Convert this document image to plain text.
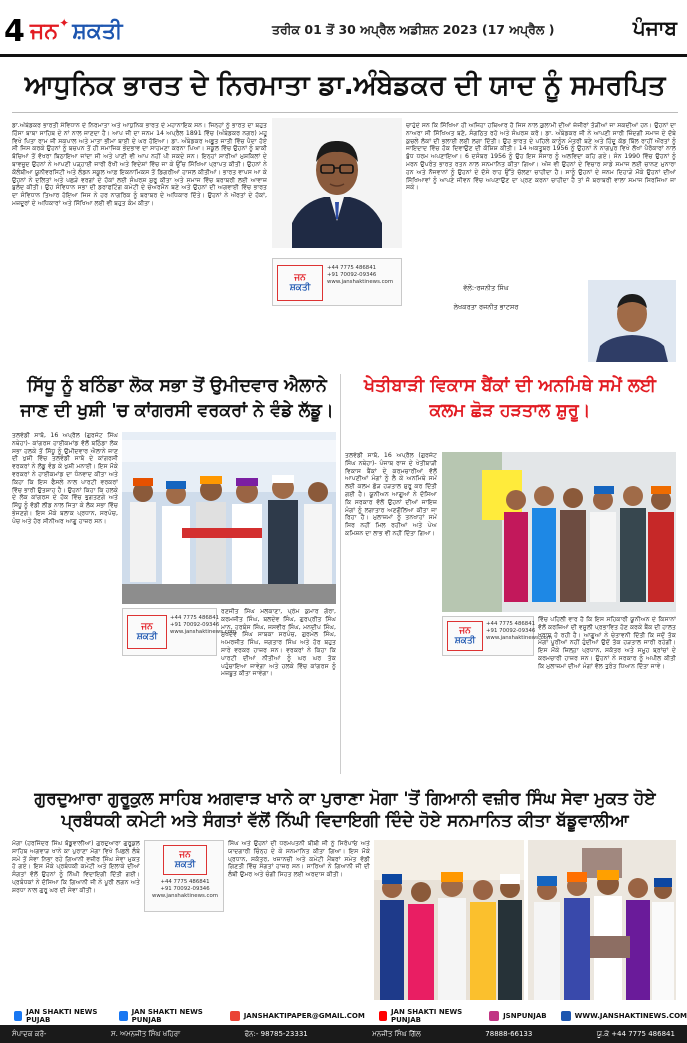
4 ਜਨ ✦ ਸ਼ਕਤੀ	ਤਰੀਕ 01 ਤੋਂ 30 ਅਪ੍ਰੈਲ ਅਡੀਸ਼ਨ 2023 (17 ਅਪ੍ਰੈਲ )	ਪੰਜਾਬ
ਆਧੁਨਿਕ ਭਾਰਤ ਦੇ ਨਿਰਮਾਤਾ ਡਾ.ਅੰਬੇਡਕਰ ਦੀ ਯਾਦ ਨੂੰ ਸਮਰਪਿਤ

ਡਾ.ਅੰਬੇਡਕਰ ਭਾਰਤੀ ਸੰਵਿਧਾਨ ਦੇ ਨਿਰਮਾਤਾ ਅਤੇ ਆਧੁਨਿਕ ਭਾਰਤ ਦੇ ਮਹਾਨਾਇਕ ਸਨ। ਜਿਨ੍ਹਾਂ ਨੂੰ ਭਾਰਤ ਦਾ ਬਹੁਤ ਹਿੱਸਾ ਬਾਬਾ ਸਾਹਿਬ ਦੇ ਨਾਂ ਨਾਲ ਜਾਣਦਾ ਹੈ। ਆਪ ਜੀ ਦਾ ਜਨਮ 14 ਅਪ੍ਰੈਲ 1891 ਵਿੱਚ (ਅੰਬੇਡਕਰ ਨਗਰ) ਮਹੂ ਵਿਖੇ ਪਿਤਾ ਰਾਮ ਜੀ ਸਕਪਾਲ ਅਤੇ ਮਾਤਾ ਭੀਮਾ ਬਾਈ ਦੇ ਘਰ ਹੋਇਆ। ਡਾ. ਅੰਬੇਡਕਰ ਅਛੂਤ ਜਾਤੀ ਵਿੱਚ ਪੈਦਾ ਹੋਏ ਸੀ ਜਿਸ ਕਰਕੇ ਉਹਨਾਂ ਨੂੰ ਬਚਪਨ ਤੋਂ ਹੀ ਸਮਾਜਿਕ ਭੇਦਭਾਵ ਦਾ ਸਾਹਮਣਾ ਕਰਨਾ ਪਿਆ। ਸਕੂਲ ਵਿੱਚ ਉਹਨਾਂ ਨੂੰ ਬਾਕੀ ਬੱਚਿਆਂ ਤੋਂ ਵੱਖਰਾ ਬਿਠਾਇਆ ਜਾਂਦਾ ਸੀ ਅਤੇ ਪਾਣੀ ਵੀ ਆਪ ਨਹੀਂ ਪੀ ਸਕਦੇ ਸਨ। ਇਨ੍ਹਾਂ ਸਾਰੀਆਂ ਮੁਸ਼ਕਿਲਾਂ ਦੇ ਬਾਵਜੂਦ ਉਹਨਾਂ ਨੇ ਆਪਣੀ ਪੜ੍ਹਾਈ ਜਾਰੀ ਰੱਖੀ ਅਤੇ ਵਿਦੇਸ਼ਾਂ ਵਿੱਚ ਜਾ ਕੇ ਉੱਚ ਸਿੱਖਿਆ ਪ੍ਰਾਪਤ ਕੀਤੀ। ਉਹਨਾਂ ਨੇ ਕੋਲੰਬੀਆ ਯੂਨੀਵਰਸਿਟੀ ਅਤੇ ਲੰਡਨ ਸਕੂਲ ਆਫ਼ ਇਕਨਾਮਿਕਸ ਤੋਂ ਡਿਗਰੀਆਂ ਹਾਸਲ ਕੀਤੀਆਂ। ਭਾਰਤ ਵਾਪਸ ਆ ਕੇ ਉਹਨਾਂ ਨੇ ਦਲਿਤਾਂ ਅਤੇ ਪਛੜੇ ਵਰਗਾਂ ਦੇ ਹੱਕਾਂ ਲਈ ਸੰਘਰਸ਼ ਸ਼ੁਰੂ ਕੀਤਾ ਅਤੇ ਸਮਾਜ ਵਿੱਚ ਬਰਾਬਰੀ ਲਈ ਆਵਾਜ਼ ਬੁਲੰਦ ਕੀਤੀ। ਉਹ ਸੰਵਿਧਾਨ ਸਭਾ ਦੀ ਡਰਾਫਟਿੰਗ ਕਮੇਟੀ ਦੇ ਚੇਅਰਮੈਨ ਬਣੇ ਅਤੇ ਉਹਨਾਂ ਦੀ ਅਗਵਾਈ ਵਿੱਚ ਭਾਰਤ ਦਾ ਸੰਵਿਧਾਨ ਤਿਆਰ ਹੋਇਆ ਜਿਸ ਨੇ ਹਰ ਨਾਗਰਿਕ ਨੂੰ ਬਰਾਬਰ ਦੇ ਅਧਿਕਾਰ ਦਿੱਤੇ। ਉਹਨਾਂ ਨੇ ਔਰਤਾਂ ਦੇ ਹੱਕਾਂ, ਮਜ਼ਦੂਰਾਂ ਦੇ ਅਧਿਕਾਰਾਂ ਅਤੇ ਸਿੱਖਿਆ ਲਈ ਵੀ ਬਹੁਤ ਕੰਮ ਕੀਤਾ।

ਚਾਹੁੰਦੇ ਸਨ ਕਿ ਸਿੱਖਿਆ ਹੀ ਅਜਿਹਾ ਹਥਿਆਰ ਹੈ ਜਿਸ ਨਾਲ ਗ਼ੁਲਾਮੀ ਦੀਆਂ ਜ਼ੰਜੀਰਾਂ ਤੋੜੀਆਂ ਜਾ ਸਕਦੀਆਂ ਹਨ। ਉਹਨਾਂ ਦਾ ਨਾਅਰਾ ਸੀ ਸਿੱਖਿਅਤ ਬਣੋ, ਸੰਗਠਿਤ ਰਹੋ ਅਤੇ ਸੰਘਰਸ਼ ਕਰੋ। ਡਾ. ਅੰਬੇਡਕਰ ਜੀ ਨੇ ਆਪਣੀ ਸਾਰੀ ਜ਼ਿੰਦਗੀ ਸਮਾਜ ਦੇ ਦੱਬੇ ਕੁਚਲੇ ਲੋਕਾਂ ਦੀ ਭਲਾਈ ਲਈ ਲਗਾ ਦਿੱਤੀ। ਉਹ ਭਾਰਤ ਦੇ ਪਹਿਲੇ ਕਾਨੂੰਨ ਮੰਤਰੀ ਬਣੇ ਅਤੇ ਹਿੰਦੂ ਕੋਡ ਬਿੱਲ ਰਾਹੀਂ ਔਰਤਾਂ ਨੂੰ ਜਾਇਦਾਦ ਵਿੱਚ ਹੱਕ ਦਿਵਾਉਣ ਦੀ ਕੋਸ਼ਿਸ਼ ਕੀਤੀ। 14 ਅਕਤੂਬਰ 1956 ਨੂੰ ਉਹਨਾਂ ਨੇ ਨਾਗਪੁਰ ਵਿਖੇ ਲੱਖਾਂ ਪੈਰੋਕਾਰਾਂ ਨਾਲ ਬੁੱਧ ਧਰਮ ਅਪਣਾਇਆ। 6 ਦਸੰਬਰ 1956 ਨੂੰ ਉਹ ਇਸ ਸੰਸਾਰ ਨੂੰ ਅਲਵਿਦਾ ਕਹਿ ਗਏ। ਸੰਨ 1990 ਵਿੱਚ ਉਹਨਾਂ ਨੂੰ ਮਰਨ ਉਪਰੰਤ ਭਾਰਤ ਰਤਨ ਨਾਲ ਸਨਮਾਨਿਤ ਕੀਤਾ ਗਿਆ। ਅੱਜ ਵੀ ਉਹਨਾਂ ਦੇ ਵਿਚਾਰ ਸਾਡੇ ਸਮਾਜ ਲਈ ਚਾਨਣ ਮੁਨਾਰਾ ਹਨ ਅਤੇ ਨੌਜਵਾਨਾਂ ਨੂੰ ਉਹਨਾਂ ਦੇ ਦੱਸੇ ਰਾਹ ਉੱਤੇ ਚੱਲਣਾ ਚਾਹੀਦਾ ਹੈ। ਸਾਨੂੰ ਉਹਨਾਂ ਦੇ ਜਨਮ ਦਿਹਾੜੇ ਮੌਕੇ ਉਹਨਾਂ ਦੀਆਂ ਸਿੱਖਿਆਵਾਂ ਨੂੰ ਆਪਣੇ ਜੀਵਨ ਵਿੱਚ ਅਪਣਾਉਣ ਦਾ ਪ੍ਰਣ ਕਰਨਾ ਚਾਹੀਦਾ ਹੈ ਤਾਂ ਜੋ ਬਰਾਬਰੀ ਵਾਲਾ ਸਮਾਜ ਸਿਰਜਿਆ ਜਾ ਸਕੇ।

ਜਨ
ਸ਼ਕਤੀ
+44 7775 486841
+91 70092-09346
www.janshaktinews.com

ਵੱਲੋਂ:-ਰਜਨੀਤ ਸਿੰਘ

ਲੇਖਕਰਤਾ ਰਜਨੀਤ ਭਾਟਸਰ

ਸਿੱਧੂ ਨੂੰ ਬਠਿੰਡਾ ਲੋਕ ਸਭਾ ਤੋਂ ਉਮੀਦਵਾਰ ਐਲਾਨੇ ਜਾਣ ਦੀ ਖੁਸ਼ੀ 'ਚ ਕਾਂਗਰਸੀ ਵਰਕਰਾਂ ਨੇ ਵੰਡੇ ਲੱਡੂ।

ਤਲਵੰਡੀ ਸਾਬੋ, 16 ਅਪ੍ਰੈਲ (ਗੁਰਜੰਟ ਸਿੰਘ ਨਥੇਹਾ)- ਕਾਂਗਰਸ ਹਾਈਕਮਾਂਡ ਵੱਲੋਂ ਬਠਿੰਡਾ ਲੋਕ ਸਭਾ ਹਲਕੇ ਤੋਂ ਸਿੱਧੂ ਨੂੰ ਉਮੀਦਵਾਰ ਐਲਾਨੇ ਜਾਣ ਦੀ ਖੁਸ਼ੀ ਵਿੱਚ ਤਲਵੰਡੀ ਸਾਬੋ ਦੇ ਕਾਂਗਰਸੀ ਵਰਕਰਾਂ ਨੇ ਲੱਡੂ ਵੰਡ ਕੇ ਖੁਸ਼ੀ ਮਨਾਈ। ਇਸ ਮੌਕੇ ਵਰਕਰਾਂ ਨੇ ਹਾਈਕਮਾਂਡ ਦਾ ਧੰਨਵਾਦ ਕੀਤਾ ਅਤੇ ਕਿਹਾ ਕਿ ਇਸ ਫੈਸਲੇ ਨਾਲ ਪਾਰਟੀ ਵਰਕਰਾਂ ਵਿੱਚ ਭਾਰੀ ਉਤਸ਼ਾਹ ਹੈ। ਉਹਨਾਂ ਕਿਹਾ ਕਿ ਹਲਕੇ ਦੇ ਲੋਕ ਕਾਂਗਰਸ ਦੇ ਹੱਕ ਵਿੱਚ ਭੁਗਤਣਗੇ ਅਤੇ ਸਿੱਧੂ ਨੂੰ ਵੱਡੀ ਲੀਡ ਨਾਲ ਜਿਤਾ ਕੇ ਲੋਕ ਸਭਾ ਵਿੱਚ ਭੇਜਣਗੇ। ਇਸ ਮੌਕੇ ਬਲਾਕ ਪ੍ਰਧਾਨ, ਸਰਪੰਚ, ਪੰਚ ਅਤੇ ਹੋਰ ਸੀਨੀਅਰ ਆਗੂ ਹਾਜ਼ਰ ਸਨ।

ਜਨ
ਸ਼ਕਤੀ
+44 7775 486841
+91 70092-09346
www.janshaktinews.com

ਰਣਜੀਤ ਸਿੰਘ ਮਲਕਾਣਾ, ਪ੍ਰੇਮ ਕੁਮਾਰ ਗੋਰਾ, ਕਰਮਜੀਤ ਸਿੰਘ, ਬਲਦੇਵ ਸਿੰਘ, ਗੁਰਪ੍ਰੀਤ ਸਿੰਘ ਮਾਨ, ਹਰਬੰਸ ਸਿੰਘ, ਜਸਵੀਰ ਸਿੰਘ, ਮਨਦੀਪ ਸਿੰਘ, ਸੁਖਦੇਵ ਸਿੰਘ ਸਾਬਕਾ ਸਰਪੰਚ, ਗੁਰਮੇਲ ਸਿੰਘ, ਅਮਰਜੀਤ ਸਿੰਘ, ਜਗਤਾਰ ਸਿੰਘ ਅਤੇ ਹੋਰ ਬਹੁਤ ਸਾਰੇ ਵਰਕਰ ਹਾਜ਼ਰ ਸਨ। ਵਰਕਰਾਂ ਨੇ ਕਿਹਾ ਕਿ ਪਾਰਟੀ ਦੀਆਂ ਨੀਤੀਆਂ ਨੂੰ ਘਰ ਘਰ ਤੱਕ ਪਹੁੰਚਾਇਆ ਜਾਵੇਗਾ ਅਤੇ ਹਲਕੇ ਵਿੱਚ ਕਾਂਗਰਸ ਨੂੰ ਮਜ਼ਬੂਤ ਕੀਤਾ ਜਾਵੇਗਾ।

ਖੇਤੀਬਾੜੀ ਵਿਕਾਸ ਬੈਂਕਾਂ ਦੀ ਅਨਮਿਥੇ ਸਮੇਂ ਲਈ ਕਲਮ ਛੋੜ ਹੜਤਾਲ ਸ਼ੁਰੂ।

ਤਲਵੰਡੀ ਸਾਬੋ, 16 ਅਪ੍ਰੈਲ (ਗੁਰਜੰਟ ਸਿੰਘ ਨਥੇਹਾ)- ਪੰਜਾਬ ਰਾਜ ਦੇ ਖੇਤੀਬਾੜੀ ਵਿਕਾਸ ਬੈਂਕਾਂ ਦੇ ਕਰਮਚਾਰੀਆਂ ਵੱਲੋਂ ਆਪਣੀਆਂ ਮੰਗਾਂ ਨੂੰ ਲੈ ਕੇ ਅਨਮਿਥੇ ਸਮੇਂ ਲਈ ਕਲਮ ਛੋੜ ਹੜਤਾਲ ਸ਼ੁਰੂ ਕਰ ਦਿੱਤੀ ਗਈ ਹੈ। ਯੂਨੀਅਨ ਆਗੂਆਂ ਨੇ ਦੱਸਿਆ ਕਿ ਸਰਕਾਰ ਵੱਲੋਂ ਉਹਨਾਂ ਦੀਆਂ ਜਾਇਜ਼ ਮੰਗਾਂ ਨੂੰ ਲਗਾਤਾਰ ਅਣਗੌਲਿਆ ਕੀਤਾ ਜਾ ਰਿਹਾ ਹੈ। ਮੁਲਾਜ਼ਮਾਂ ਨੂੰ ਤਨਖਾਹਾਂ ਸਮੇਂ ਸਿਰ ਨਹੀਂ ਮਿਲ ਰਹੀਆਂ ਅਤੇ ਪੇਅ ਕਮਿਸ਼ਨ ਦਾ ਲਾਭ ਵੀ ਨਹੀਂ ਦਿੱਤਾ ਗਿਆ।

ਜਨ
ਸ਼ਕਤੀ
+44 7775 486841
+91 70092-09346
www.janshaktinews.com

ਵਿੱਚ ਪਹਿਲੀ ਵਾਰ ਹੈ ਕਿ ਇਸ ਸਹਿਕਾਰੀ ਯੂਨੀਅਨ ਦੇ ਕਿਸਾਨਾਂ ਵੱਲੋਂ ਕਰਜ਼ਿਆਂ ਦੀ ਵਸੂਲੀ ਪ੍ਰਭਾਵਿਤ ਹੋਣ ਕਰਕੇ ਬੈਂਕ ਦੀ ਹਾਲਤ ਖਰਾਬ ਹੋ ਰਹੀ ਹੈ। ਆਗੂਆਂ ਨੇ ਚੇਤਾਵਨੀ ਦਿੱਤੀ ਕਿ ਜਦੋਂ ਤੱਕ ਮੰਗਾਂ ਪੂਰੀਆਂ ਨਹੀਂ ਹੁੰਦੀਆਂ ਉਦੋਂ ਤੱਕ ਹੜਤਾਲ ਜਾਰੀ ਰਹੇਗੀ। ਇਸ ਮੌਕੇ ਜ਼ਿਲ੍ਹਾ ਪ੍ਰਧਾਨ, ਸਕੱਤਰ ਅਤੇ ਸਮੂਹ ਬ੍ਰਾਂਚਾਂ ਦੇ ਕਰਮਚਾਰੀ ਹਾਜ਼ਰ ਸਨ। ਉਹਨਾਂ ਨੇ ਸਰਕਾਰ ਨੂੰ ਅਪੀਲ ਕੀਤੀ ਕਿ ਮੁਲਾਜ਼ਮਾਂ ਦੀਆਂ ਮੰਗਾਂ ਵੱਲ ਤੁਰੰਤ ਧਿਆਨ ਦਿੱਤਾ ਜਾਵੇ।

ਗੁਰਦੁਆਰਾ ਗੁਰੂਕੁਲ ਸਾਹਿਬ ਅਗਵਾੜ ਖਾਨੇ ਕਾ ਪੁਰਾਣਾ ਮੋਗਾ 'ਤੋਂ ਗਿਆਨੀ ਵਜ਼ੀਰ ਸਿੰਘ ਸੇਵਾ ਮੁਕਤ ਹੋਏ ਪ੍ਰਬੰਧਕੀ ਕਮੇਟੀ ਅਤੇ ਸੰਗਤਾਂ ਵੱਲੋਂ ਨਿੱਘੀ ਵਿਦਾਇਗੀ ਦਿੰਦੇ ਹੋਏ ਸਨਮਾਨਿਤ ਕੀਤਾ ਬੱਡੂਵਾਲੀਆ

ਮੋਗਾ (ਹਰਜਿੰਦਰ ਸਿੰਘ ਬੱਡੂਵਾਲੀਆ) ਗੁਰਦੁਆਰਾ ਗੁਰੂਕੁਲ ਸਾਹਿਬ ਅਗਵਾੜ ਖਾਨੇ ਕਾ ਪੁਰਾਣਾ ਮੋਗਾ ਵਿਖੇ ਪਿਛਲੇ ਲੰਬੇ ਸਮੇਂ ਤੋਂ ਸੇਵਾ ਨਿਭਾ ਰਹੇ ਗਿਆਨੀ ਵਜ਼ੀਰ ਸਿੰਘ ਸੇਵਾ ਮੁਕਤ ਹੋ ਗਏ। ਇਸ ਮੌਕੇ ਪ੍ਰਬੰਧਕੀ ਕਮੇਟੀ ਅਤੇ ਇਲਾਕੇ ਦੀਆਂ ਸੰਗਤਾਂ ਵੱਲੋਂ ਉਹਨਾਂ ਨੂੰ ਨਿੱਘੀ ਵਿਦਾਇਗੀ ਦਿੱਤੀ ਗਈ। ਪ੍ਰਬੰਧਕਾਂ ਨੇ ਦੱਸਿਆ ਕਿ ਗਿਆਨੀ ਜੀ ਨੇ ਪੂਰੀ ਲਗਨ ਅਤੇ ਸ਼ਰਧਾ ਨਾਲ ਗੁਰੂ ਘਰ ਦੀ ਸੇਵਾ ਕੀਤੀ।

ਜਨ
ਸ਼ਕਤੀ
+44 7775 486841
+91 70092-09346
www.janshaktinews.com

ਸਿੰਘ ਅਤੇ ਉਹਨਾਂ ਦੀ ਧਰਮਪਤਨੀ ਬੀਬੀ ਜੀ ਨੂੰ ਸਿਰੋਪਾਓ ਅਤੇ ਯਾਦਗਾਰੀ ਚਿੰਨ੍ਹ ਦੇ ਕੇ ਸਨਮਾਨਿਤ ਕੀਤਾ ਗਿਆ। ਇਸ ਮੌਕੇ ਪ੍ਰਧਾਨ, ਸਕੱਤਰ, ਖਜ਼ਾਨਚੀ ਅਤੇ ਕਮੇਟੀ ਮੈਂਬਰਾਂ ਸਮੇਤ ਵੱਡੀ ਗਿਣਤੀ ਵਿੱਚ ਸੰਗਤਾਂ ਹਾਜ਼ਰ ਸਨ। ਸਾਰਿਆਂ ਨੇ ਗਿਆਨੀ ਜੀ ਦੀ ਲੰਬੀ ਉਮਰ ਅਤੇ ਚੰਗੀ ਸਿਹਤ ਲਈ ਅਰਦਾਸ ਕੀਤੀ।

JAN SHAKTI NEWS PUJAB
JAN SHAKTI NEWS PUNJAB	JANSHAKTIPAPER@GMAIL.COM	JAN SHAKTI NEWS PUNJAB	JSNPUNJAB	WWW.JANSHAKTINEWS.COM
ਸੰਪਾਦਕ ਕਰੋ-	ਸ. ਅਮਨਜੀਤ ਸਿੰਘ ਖਹਿਰਾ	ਫੋਨ:- 98785-23331	ਮਨਜੀਤ ਸਿੰਘ ਗਿੱਲ	78888-66133	ਯੂ.ਕੇ +44 7775 486841
